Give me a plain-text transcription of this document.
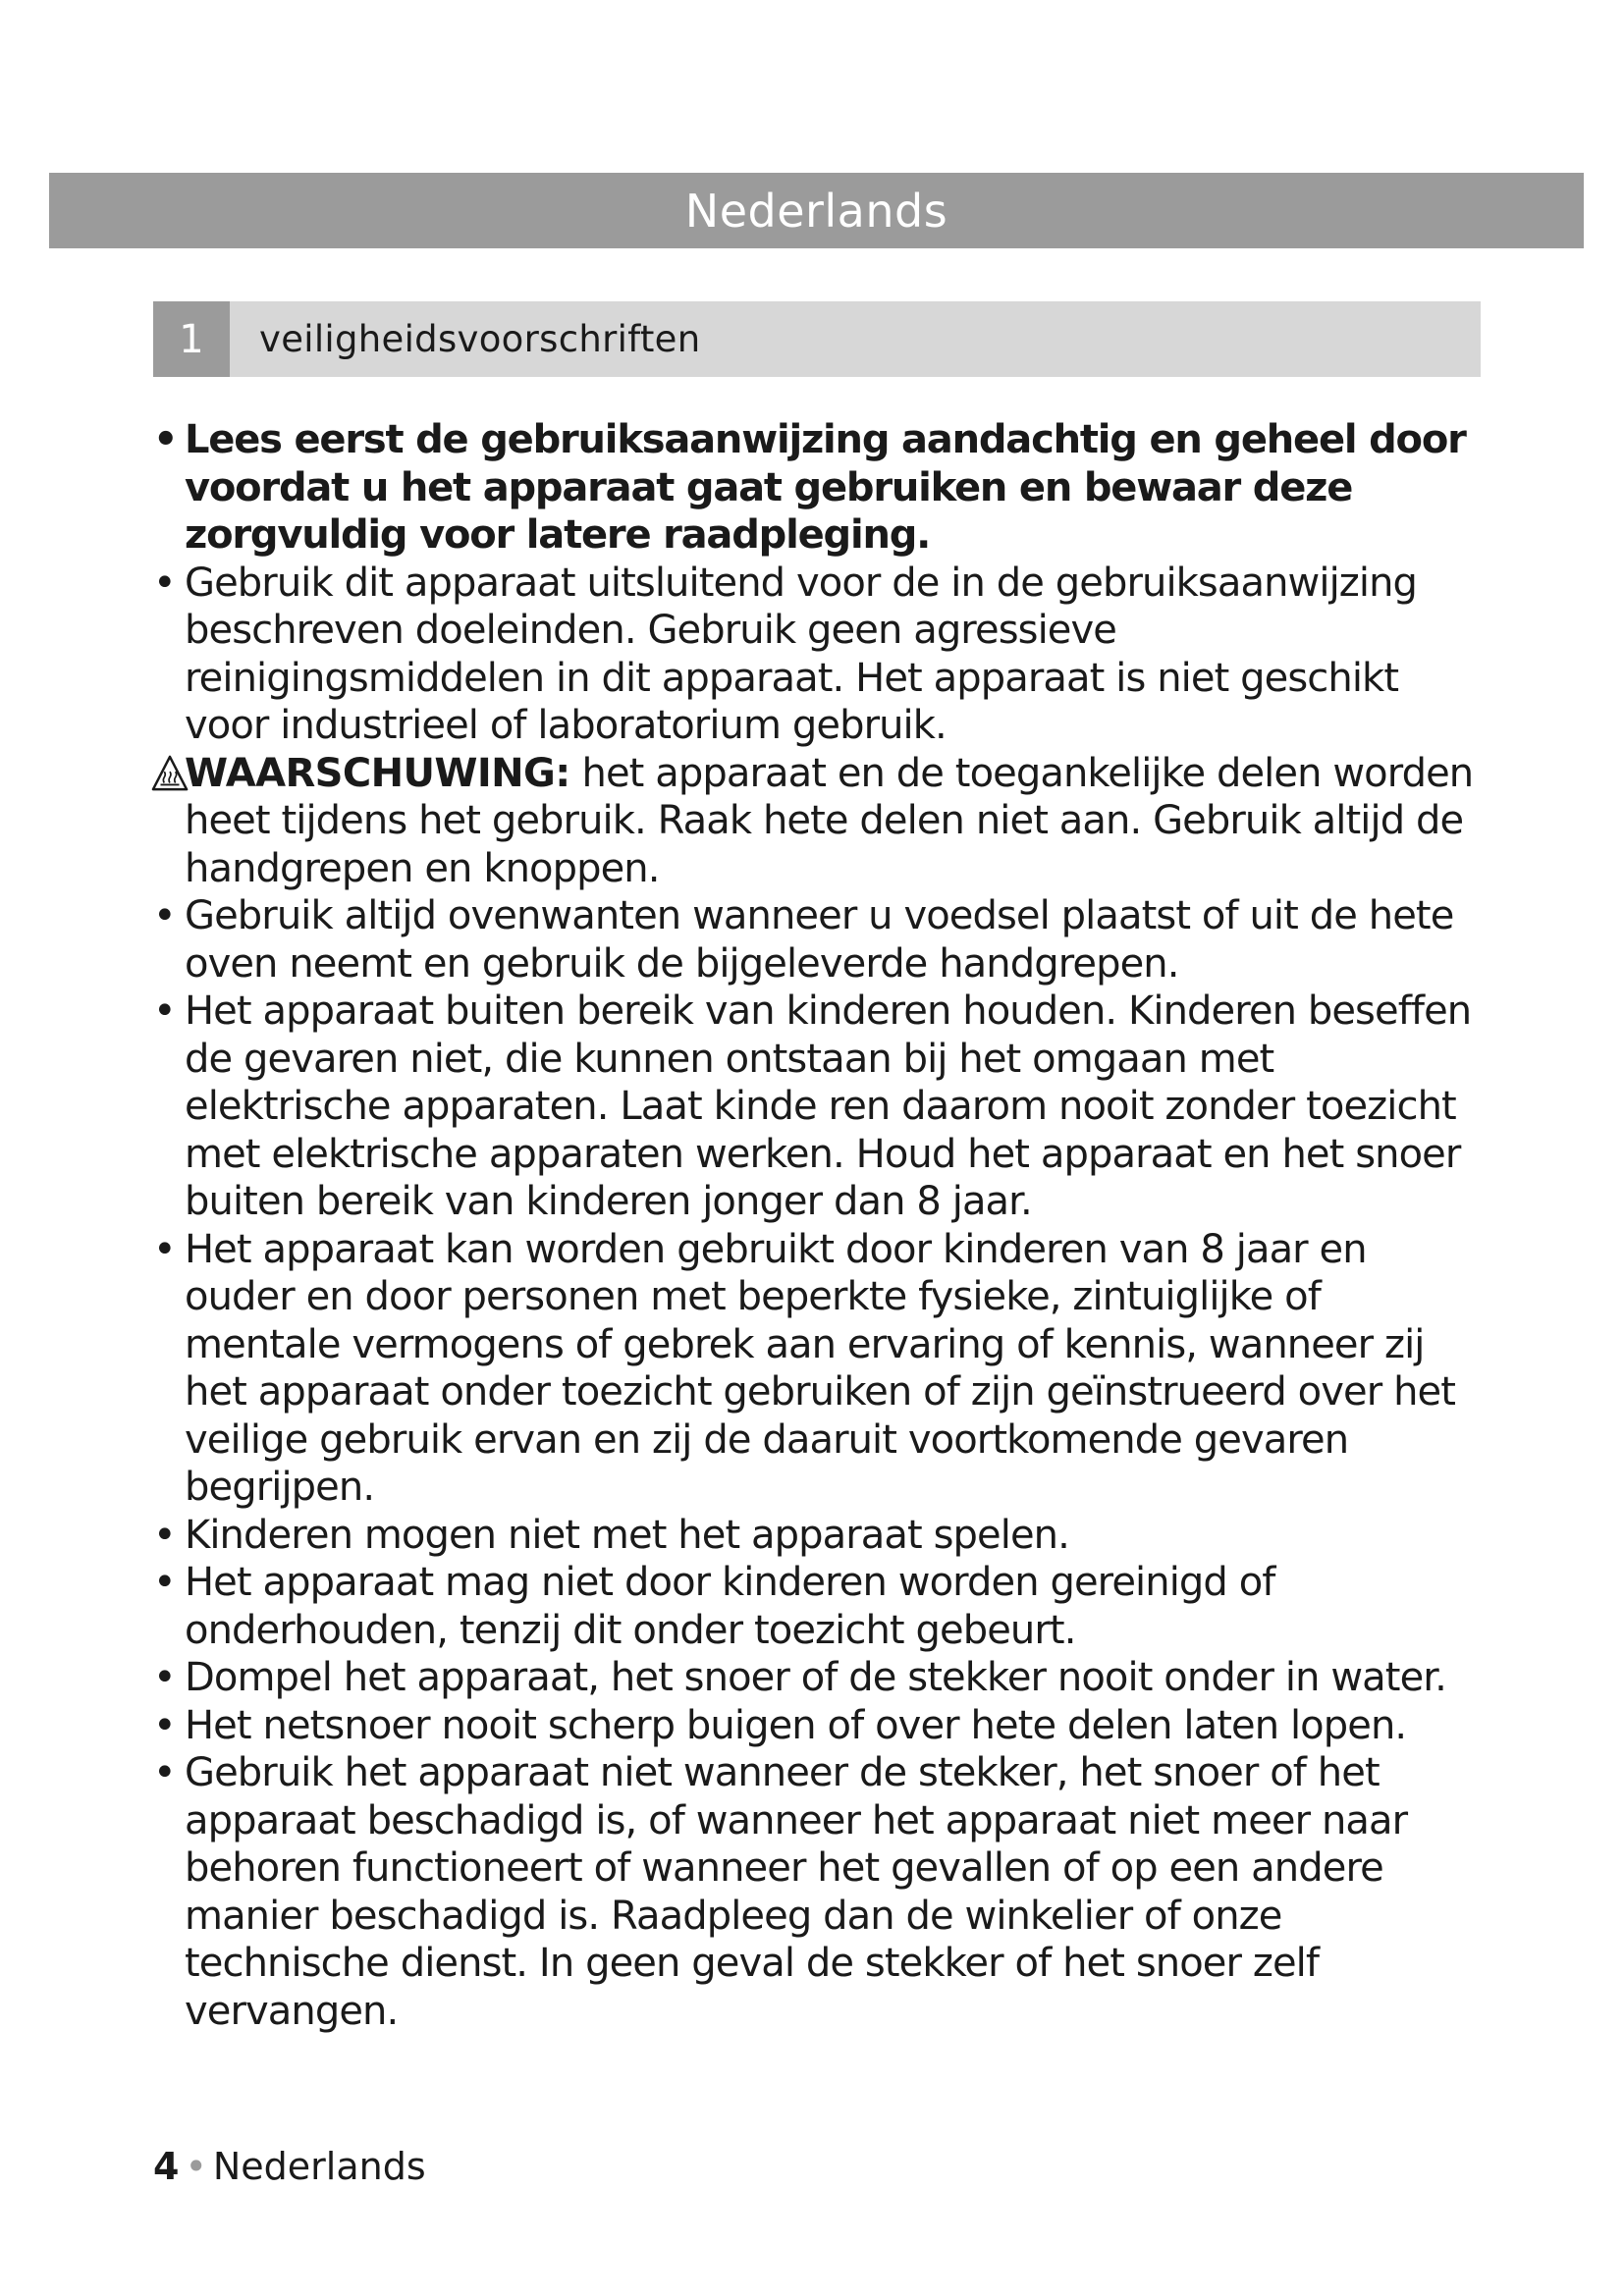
Nederlands
1	veiligheidsvoorschriften
• Lees eerst de gebruiksaanwijzing aandachtig en geheel door voordat u het apparaat gaat gebruiken en bewaar deze zorgvuldig voor latere raadpleging.
• Gebruik dit apparaat uitsluitend voor de in de gebruiksaanwijzing beschreven doeleinden. Gebruik geen agressieve reinigingsmiddelen in dit apparaat. Het apparaat is niet geschikt voor industrieel of laboratorium gebruik.
WAARSCHUWING: het apparaat en de toegankelijke delen worden heet tijdens het gebruik. Raak hete delen niet aan. Gebruik altijd de handgrepen en knoppen.
• Gebruik altijd ovenwanten wanneer u voedsel plaatst of uit de hete oven neemt en gebruik de bijgeleverde handgrepen.
• Het apparaat buiten bereik van kinderen houden. Kinderen beseffen de gevaren niet, die kunnen ontstaan bij het omgaan met elektrische apparaten. Laat kinde ren daarom nooit zonder toezicht met elektrische apparaten werken. Houd het apparaat en het snoer buiten bereik van kinderen jonger dan 8 jaar.
• Het apparaat kan worden gebruikt door kinderen van 8 jaar en ouder en door personen met beperkte fysieke, zintuiglijke of mentale vermogens of gebrek aan ervaring of kennis, wanneer zij het apparaat onder toezicht gebruiken of zijn geïnstrueerd over het veilige gebruik ervan en zij de daaruit voortkomende gevaren begrijpen.
• Kinderen mogen niet met het apparaat spelen.
• Het apparaat mag niet door kinderen worden gereinigd of onderhouden, tenzij dit onder toezicht gebeurt.
• Dompel het apparaat, het snoer of de stekker nooit onder in water.
• Het netsnoer nooit scherp buigen of over hete delen laten lopen.
• Gebruik het apparaat niet wanneer de stekker, het snoer of het apparaat beschadigd is, of wanneer het apparaat niet meer naar behoren functioneert of wanneer het gevallen of op een andere manier beschadigd is. Raadpleeg dan de winkelier of onze technische dienst. In geen geval de stekker of het snoer zelf vervangen.
4 • Nederlands
